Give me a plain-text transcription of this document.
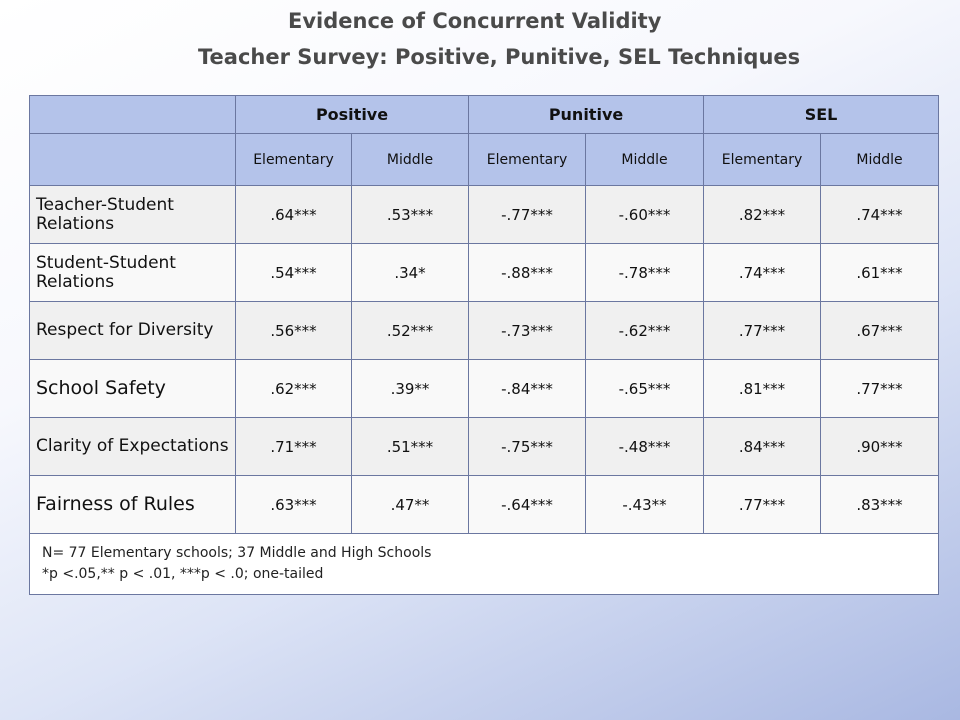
Evidence of Concurrent Validity
Teacher Survey: Positive, Punitive, SEL Techniques
	Positive		Punitive		SEL	
	Elementary	Middle	Elementary	Middle	Elementary	Middle
Teacher-Student Relations	.64***	.53***	-.77***	-.60***	.82***	.74***
Student-Student Relations	.54***	.34*	-.88***	-.78***	.74***	.61***
Respect for Diversity	.56***	.52***	-.73***	-.62***	.77***	.67***
School Safety	.62***	.39**	-.84***	-.65***	.81***	.77***
Clarity of Expectations	.71***	.51***	-.75***	-.48***	.84***	.90***
Fairness of Rules	.63***	.47**	-.64***	-.43**	.77***	.83***

N= 77 Elementary schools; 37 Middle and High Schools
*p <.05,** p < .01, ***p < .0; one-tailed						
